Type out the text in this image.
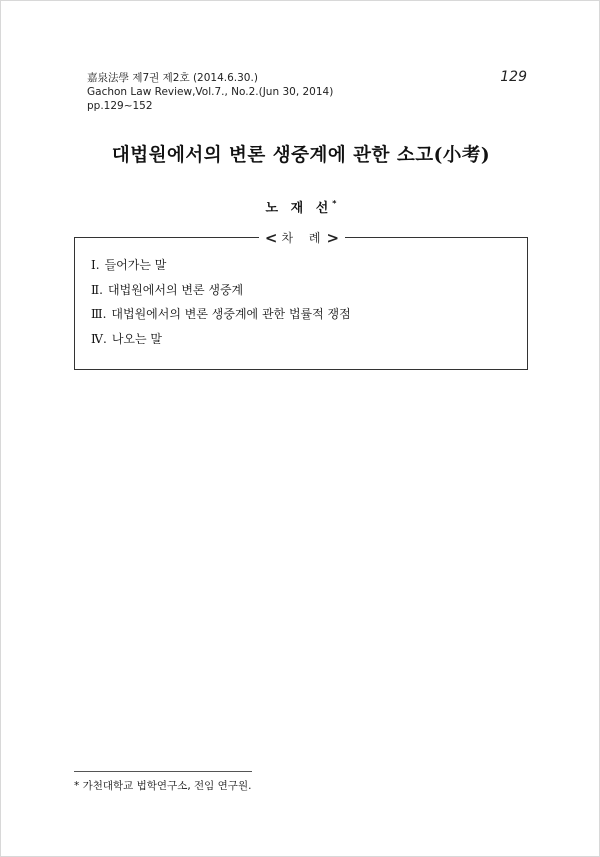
嘉泉法學 제7권 제2호 (2014.6.30.)
Gachon Law Review,Vol.7., No.2.(Jun 30, 2014)
pp.129~152
129
대법원에서의 변론 생중계에 관한 소고(小考)
노 재 선*
< 차 례>
Ⅰ. 들어가는 말
Ⅱ. 대법원에서의 변론 생중계
Ⅲ. 대법원에서의 변론 생중계에 관한 법률적 쟁점
Ⅳ. 나오는 말
* 가천대학교 법학연구소, 전임 연구원.
